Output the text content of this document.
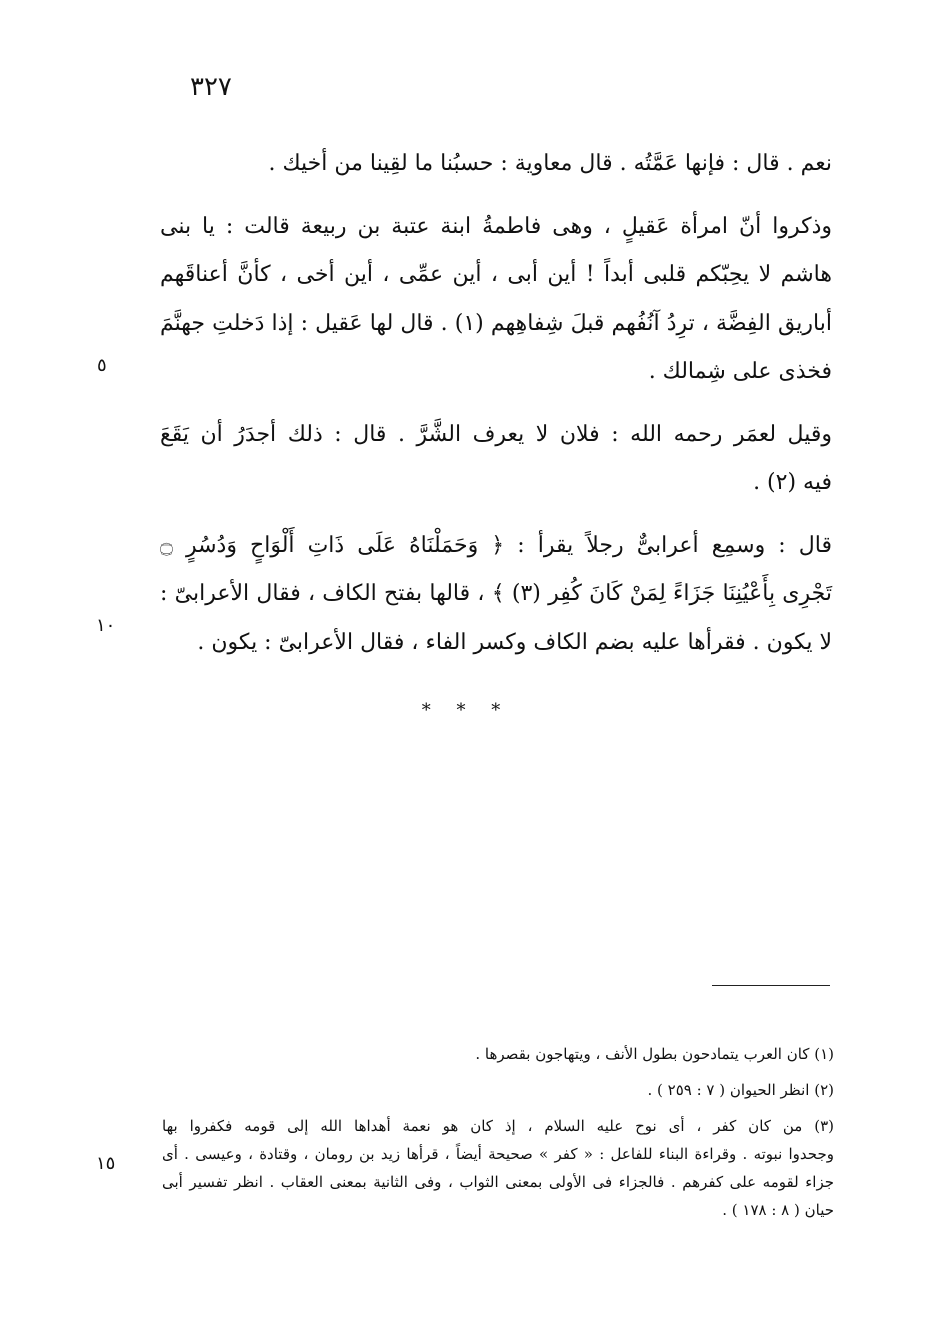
٣٢٧

نعم . قال : فإنها عَمَّتُه . قال معاوية : حسبُنا ما لقِينا من أخيك .

وذكروا أنّ امرأة عَقيلٍ ، وهى فاطمةُ ابنة عتبة بن ربيعة قالت : يا بنى
هاشم لا يحِبّكم قلبى أبداً ! أين أبى ، أين عمِّى ، أين أخى ، كأنَّ أعناقَهم
أباريق الفِضَّة ، ترِدُ آنُفُهم قبلَ شِفاهِهم (١) . قال لها عَقيل : إذا دَخلتِ جهنَّمَ
فخذى على شِمالك .

وقيل لعمَر رحمه الله : فلان لا يعرف الشَّرَّ . قال : ذلك أجدَرُ أن يَقَعَ
فيه (٢) .

قال : وسمِع أعرابىٌّ رجلاً يقرأ : ﴿ وَحَمَلْنَاهُ عَلَى ذَاتِ أَلْوَاحٍ وَدُسُرٍ ۝
تَجْرِى بِأَعْيُنِنَا جَزَاءً لِمَنْ كَانَ كُفِر (٣) ﴾ ، قالها بفتح الكاف ، فقال الأعرابىّ :
لا يكون . فقرأها عليه بضم الكاف وكسر الفاء ، فقال الأعرابىّ : يكون .

٥
١٠
* * *
(١) كان العرب يتمادحون بطول الأنف ، ويتهاجون بقصرها .
(٢) انظر الحيوان ( ٧ : ٢٥٩ ) .
(٣) من كان كفر ، أى نوح عليه السلام ، إذ كان هو نعمة أهداها الله إلى قومه فكفروا بها
وجحدوا نبوته . وقراءة البناء للفاعل : « كفر » صحيحة أيضاً ، قرأها زيد بن رومان ، وقتادة ، وعيسى . أى
جزاء لقومه على كفرهم . فالجزاء فى الأولى بمعنى الثواب ، وفى الثانية بمعنى العقاب . انظر تفسير أبى
حيان ( ٨ : ١٧٨ ) .
١٥
